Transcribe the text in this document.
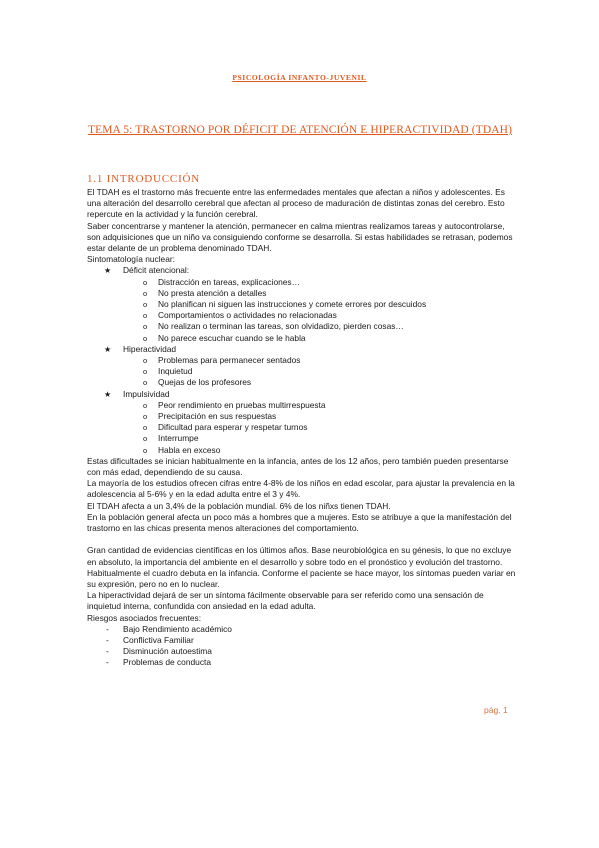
PSICOLOGÍA INFANTO-JUVENIL
TEMA 5: TRASTORNO POR DÉFICIT DE ATENCIÓN E HIPERACTIVIDAD (TDAH)
1.1 INTRODUCCIÓN

El TDAH es el trastorno más frecuente entre las enfermedades mentales que afectan a niños y adolescentes. Es una alteración del desarrollo cerebral que afectan al proceso de maduración de distintas zonas del cerebro. Esto repercute en la actividad y la función cerebral.

Saber concentrarse y mantener la atención, permanecer en calma mientras realizamos tareas y autocontrolarse, son adquisiciones que un niño va consiguiendo conforme se desarrolla. Si estas habilidades se retrasan, podemos estar delante de un problema denominado TDAH.

Sintomatología nuclear:

★ Déficit atencional:
o Distracción en tareas, explicaciones…
o No presta atención a detalles
o No planifican ni siguen las instrucciones y comete errores por descuidos
o Comportamientos o actividades no relacionadas
o No realizan o terminan las tareas, son olvidadizo, pierden cosas…
o No parece escuchar cuando se le habla
★ Hiperactividad
o Problemas para permanecer sentados
o Inquietud
o Quejas de los profesores
★ Impulsividad
o Peor rendimiento en pruebas multirrespuesta
o Precipitación en sus respuestas
o Dificultad para esperar y respetar turnos
o Interrumpe
o Habla en exceso

Estas dificultades se inician habitualmente en la infancia, antes de los 12 años, pero también pueden presentarse con más edad, dependiendo de su causa.

La mayoría de los estudios ofrecen cifras entre 4-8% de los niños en edad escolar, para ajustar la prevalencia en la adolescencia al 5-6% y en la edad adulta entre el 3 y 4%.

El TDAH afecta a un 3,4% de la población mundial. 6% de los niñxs tienen TDAH.

En la población general afecta un poco más a hombres que a mujeres. Esto se atribuye a que la manifestación del trastorno en las chicas presenta menos alteraciones del comportamiento.

Gran cantidad de evidencias científicas en los últimos años. Base neurobiológica en su génesis, lo que no excluye en absoluto, la importancia del ambiente en el desarrollo y sobre todo en el pronóstico y evolución del trastorno.

Habitualmente el cuadro debuta en la infancia. Conforme el paciente se hace mayor, los síntomas pueden variar en su expresión, pero no en lo nuclear.

La hiperactividad dejará de ser un síntoma fácilmente observable para ser referido como una sensación de inquietud interna, confundida con ansiedad en la edad adulta.

Riesgos asociados frecuentes:

- Bajo Rendimiento académico
- Conflictiva Familiar
- Disminución autoestima
- Problemas de conducta
pág. 1
